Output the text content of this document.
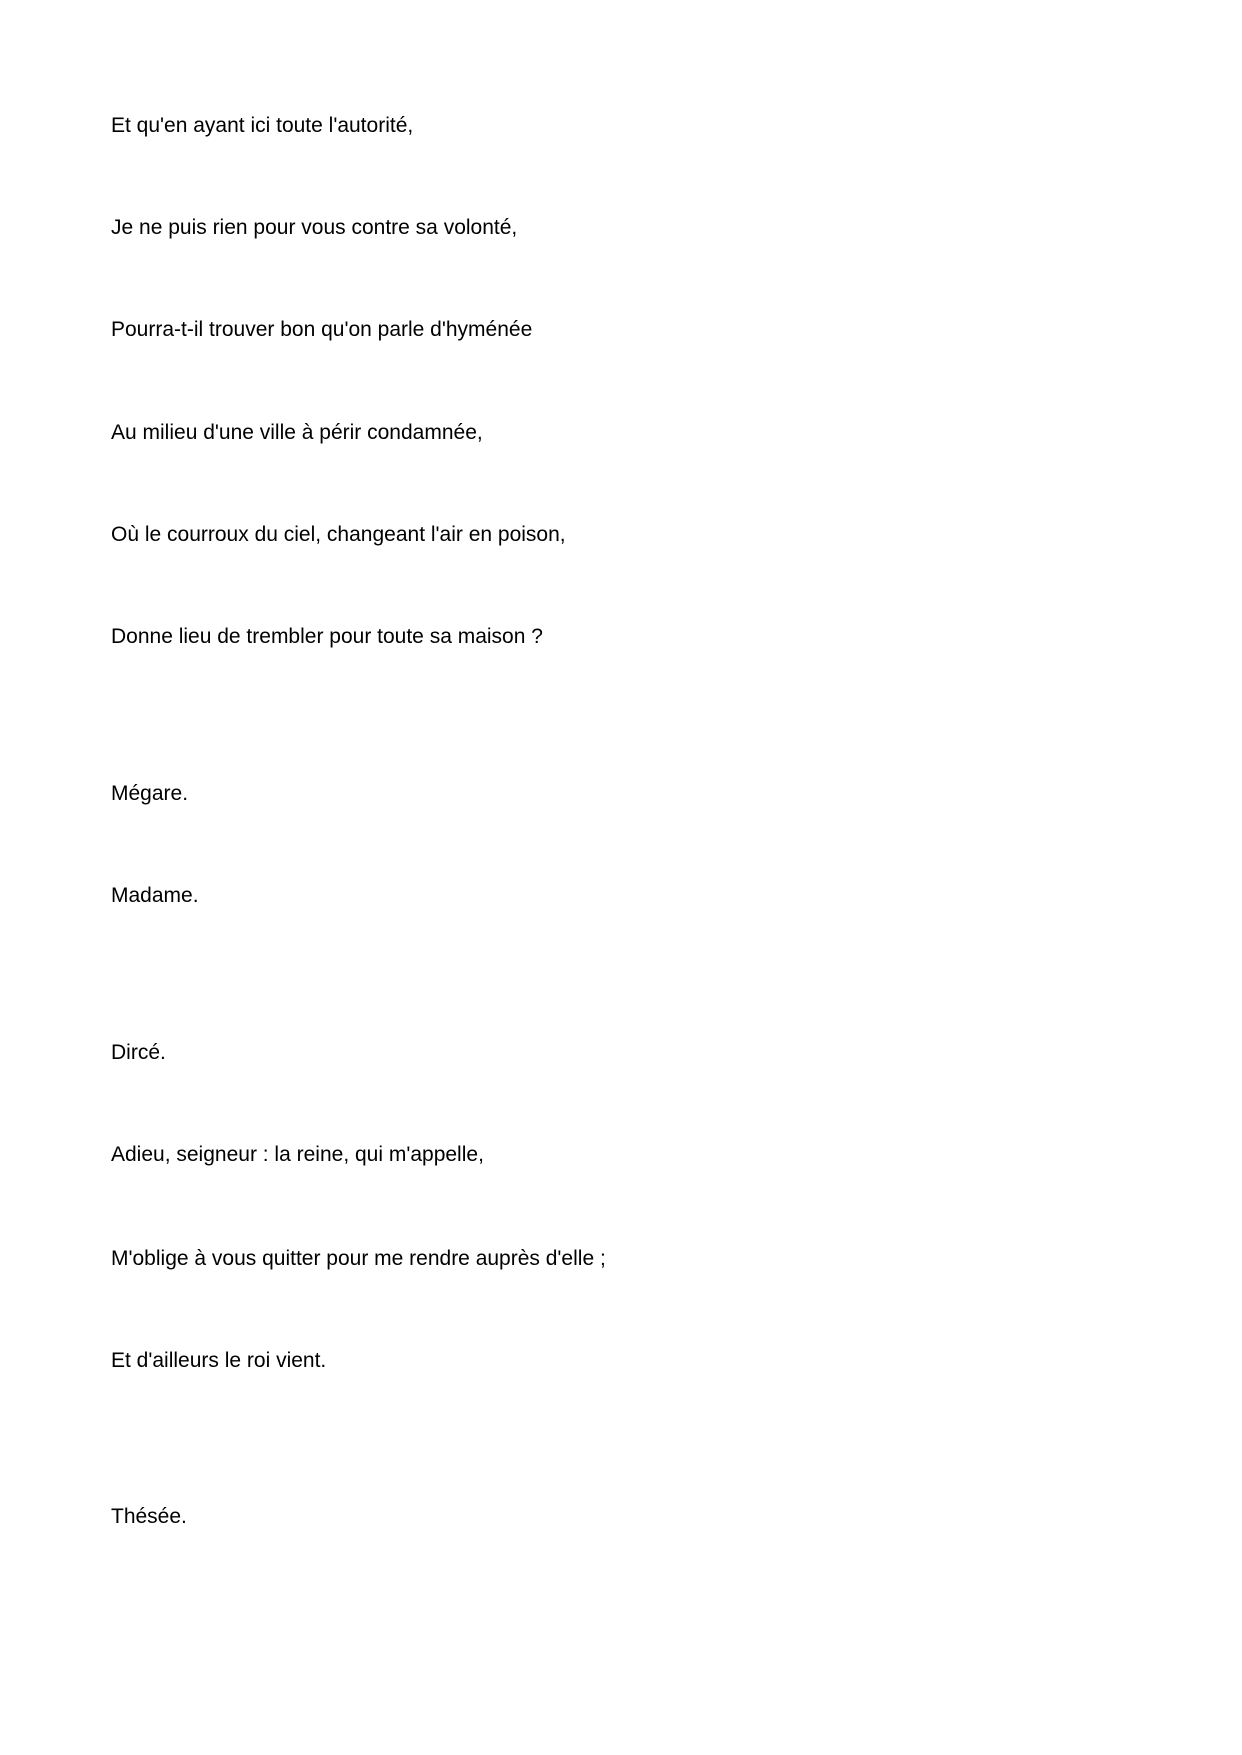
Et qu'en ayant ici toute l'autorité,
Je ne puis rien pour vous contre sa volonté,
Pourra-t-il trouver bon qu'on parle d'hyménée
Au milieu d'une ville à périr condamnée,
Où le courroux du ciel, changeant l'air en poison,
Donne lieu de trembler pour toute sa maison ?
Mégare.
Madame.
Dircé.
Adieu, seigneur : la reine, qui m'appelle,
M'oblige à vous quitter pour me rendre auprès d'elle ;
Et d'ailleurs le roi vient.
Thésée.
